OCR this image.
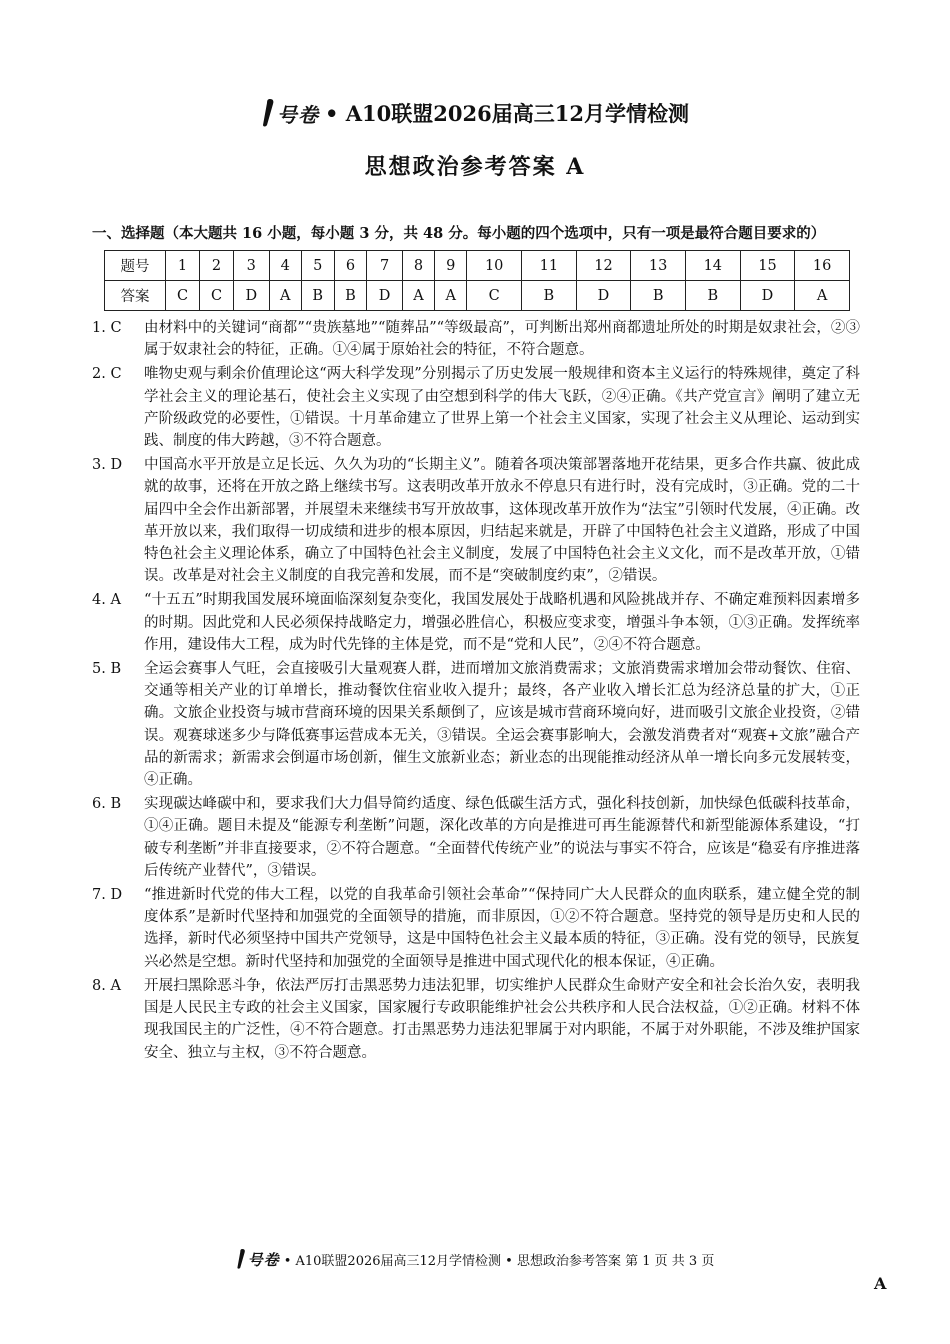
号卷 • A10联盟2026届高三12月学情检测
思想政治参考答案 A
一、选择题（本大题共 16 小题，每小题 3 分，共 48 分。每小题的四个选项中，只有一项是最符合题目要求的）
题号	1	2	3	4	5	6	7	8	9	10	11	12	13	14	15	16
答案	C	C	D	A	B	B	D	A	A	C	B	D	B	B	D	A
1. C	由材料中的关键词“商都”“贵族墓地”“随葬品”“等级最高”，可判断出郑州商都遗址所处的时期是奴隶社会，②③属于奴隶社会的特征，正确。①④属于原始社会的特征，不符合题意。
2. C	唯物史观与剩余价值理论这“两大科学发现”分别揭示了历史发展一般规律和资本主义运行的特殊规律，奠定了科学社会主义的理论基石，使社会主义实现了由空想到科学的伟大飞跃，②④正确。《共产党宣言》阐明了建立无产阶级政党的必要性，①错误。十月革命建立了世界上第一个社会主义国家，实现了社会主义从理论、运动到实践、制度的伟大跨越，③不符合题意。
3. D	中国高水平开放是立足长远、久久为功的“长期主义”。随着各项决策部署落地开花结果，更多合作共赢、彼此成就的故事，还将在开放之路上继续书写。这表明改革开放永不停息只有进行时，没有完成时，③正确。党的二十届四中全会作出新部署，并展望未来继续书写开放故事，这体现改革开放作为“法宝”引领时代发展，④正确。改革开放以来，我们取得一切成绩和进步的根本原因，归结起来就是，开辟了中国特色社会主义道路，形成了中国特色社会主义理论体系，确立了中国特色社会主义制度，发展了中国特色社会主义文化，而不是改革开放，①错误。改革是对社会主义制度的自我完善和发展，而不是“突破制度约束”，②错误。
4. A	“十五五”时期我国发展环境面临深刻复杂变化，我国发展处于战略机遇和风险挑战并存、不确定难预料因素增多的时期。因此党和人民必须保持战略定力，增强必胜信心，积极应变求变，增强斗争本领，①③正确。发挥统率作用，建设伟大工程，成为时代先锋的主体是党，而不是“党和人民”，②④不符合题意。
5. B	全运会赛事人气旺，会直接吸引大量观赛人群，进而增加文旅消费需求；文旅消费需求增加会带动餐饮、住宿、交通等相关产业的订单增长，推动餐饮住宿业收入提升；最终，各产业收入增长汇总为经济总量的扩大，①正确。文旅企业投资与城市营商环境的因果关系颠倒了，应该是城市营商环境向好，进而吸引文旅企业投资，②错误。观赛球迷多少与降低赛事运营成本无关，③错误。全运会赛事影响大，会激发消费者对“观赛+文旅”融合产品的新需求；新需求会倒逼市场创新，催生文旅新业态；新业态的出现能推动经济从单一增长向多元发展转变，④正确。
6. B	实现碳达峰碳中和，要求我们大力倡导简约适度、绿色低碳生活方式，强化科技创新，加快绿色低碳科技革命，①④正确。题目未提及“能源专利垄断”问题，深化改革的方向是推进可再生能源替代和新型能源体系建设，“打破专利垄断”并非直接要求，②不符合题意。“全面替代传统产业”的说法与事实不符合，应该是“稳妥有序推进落后传统产业替代”，③错误。
7. D	“推进新时代党的伟大工程，以党的自我革命引领社会革命”“保持同广大人民群众的血肉联系，建立健全党的制度体系”是新时代坚持和加强党的全面领导的措施，而非原因，①②不符合题意。坚持党的领导是历史和人民的选择，新时代必须坚持中国共产党领导，这是中国特色社会主义最本质的特征，③正确。没有党的领导，民族复兴必然是空想。新时代坚持和加强党的全面领导是推进中国式现代化的根本保证，④正确。
8. A	开展扫黑除恶斗争，依法严厉打击黑恶势力违法犯罪，切实维护人民群众生命财产安全和社会长治久安，表明我国是人民民主专政的社会主义国家，国家履行专政职能维护社会公共秩序和人民合法权益，①②正确。材料不体现我国民主的广泛性，④不符合题意。打击黑恶势力违法犯罪属于对内职能，不属于对外职能，不涉及维护国家安全、独立与主权，③不符合题意。
号卷 • A10联盟2026届高三12月学情检测 • 思想政治参考答案 第 1 页 共 3 页
A
